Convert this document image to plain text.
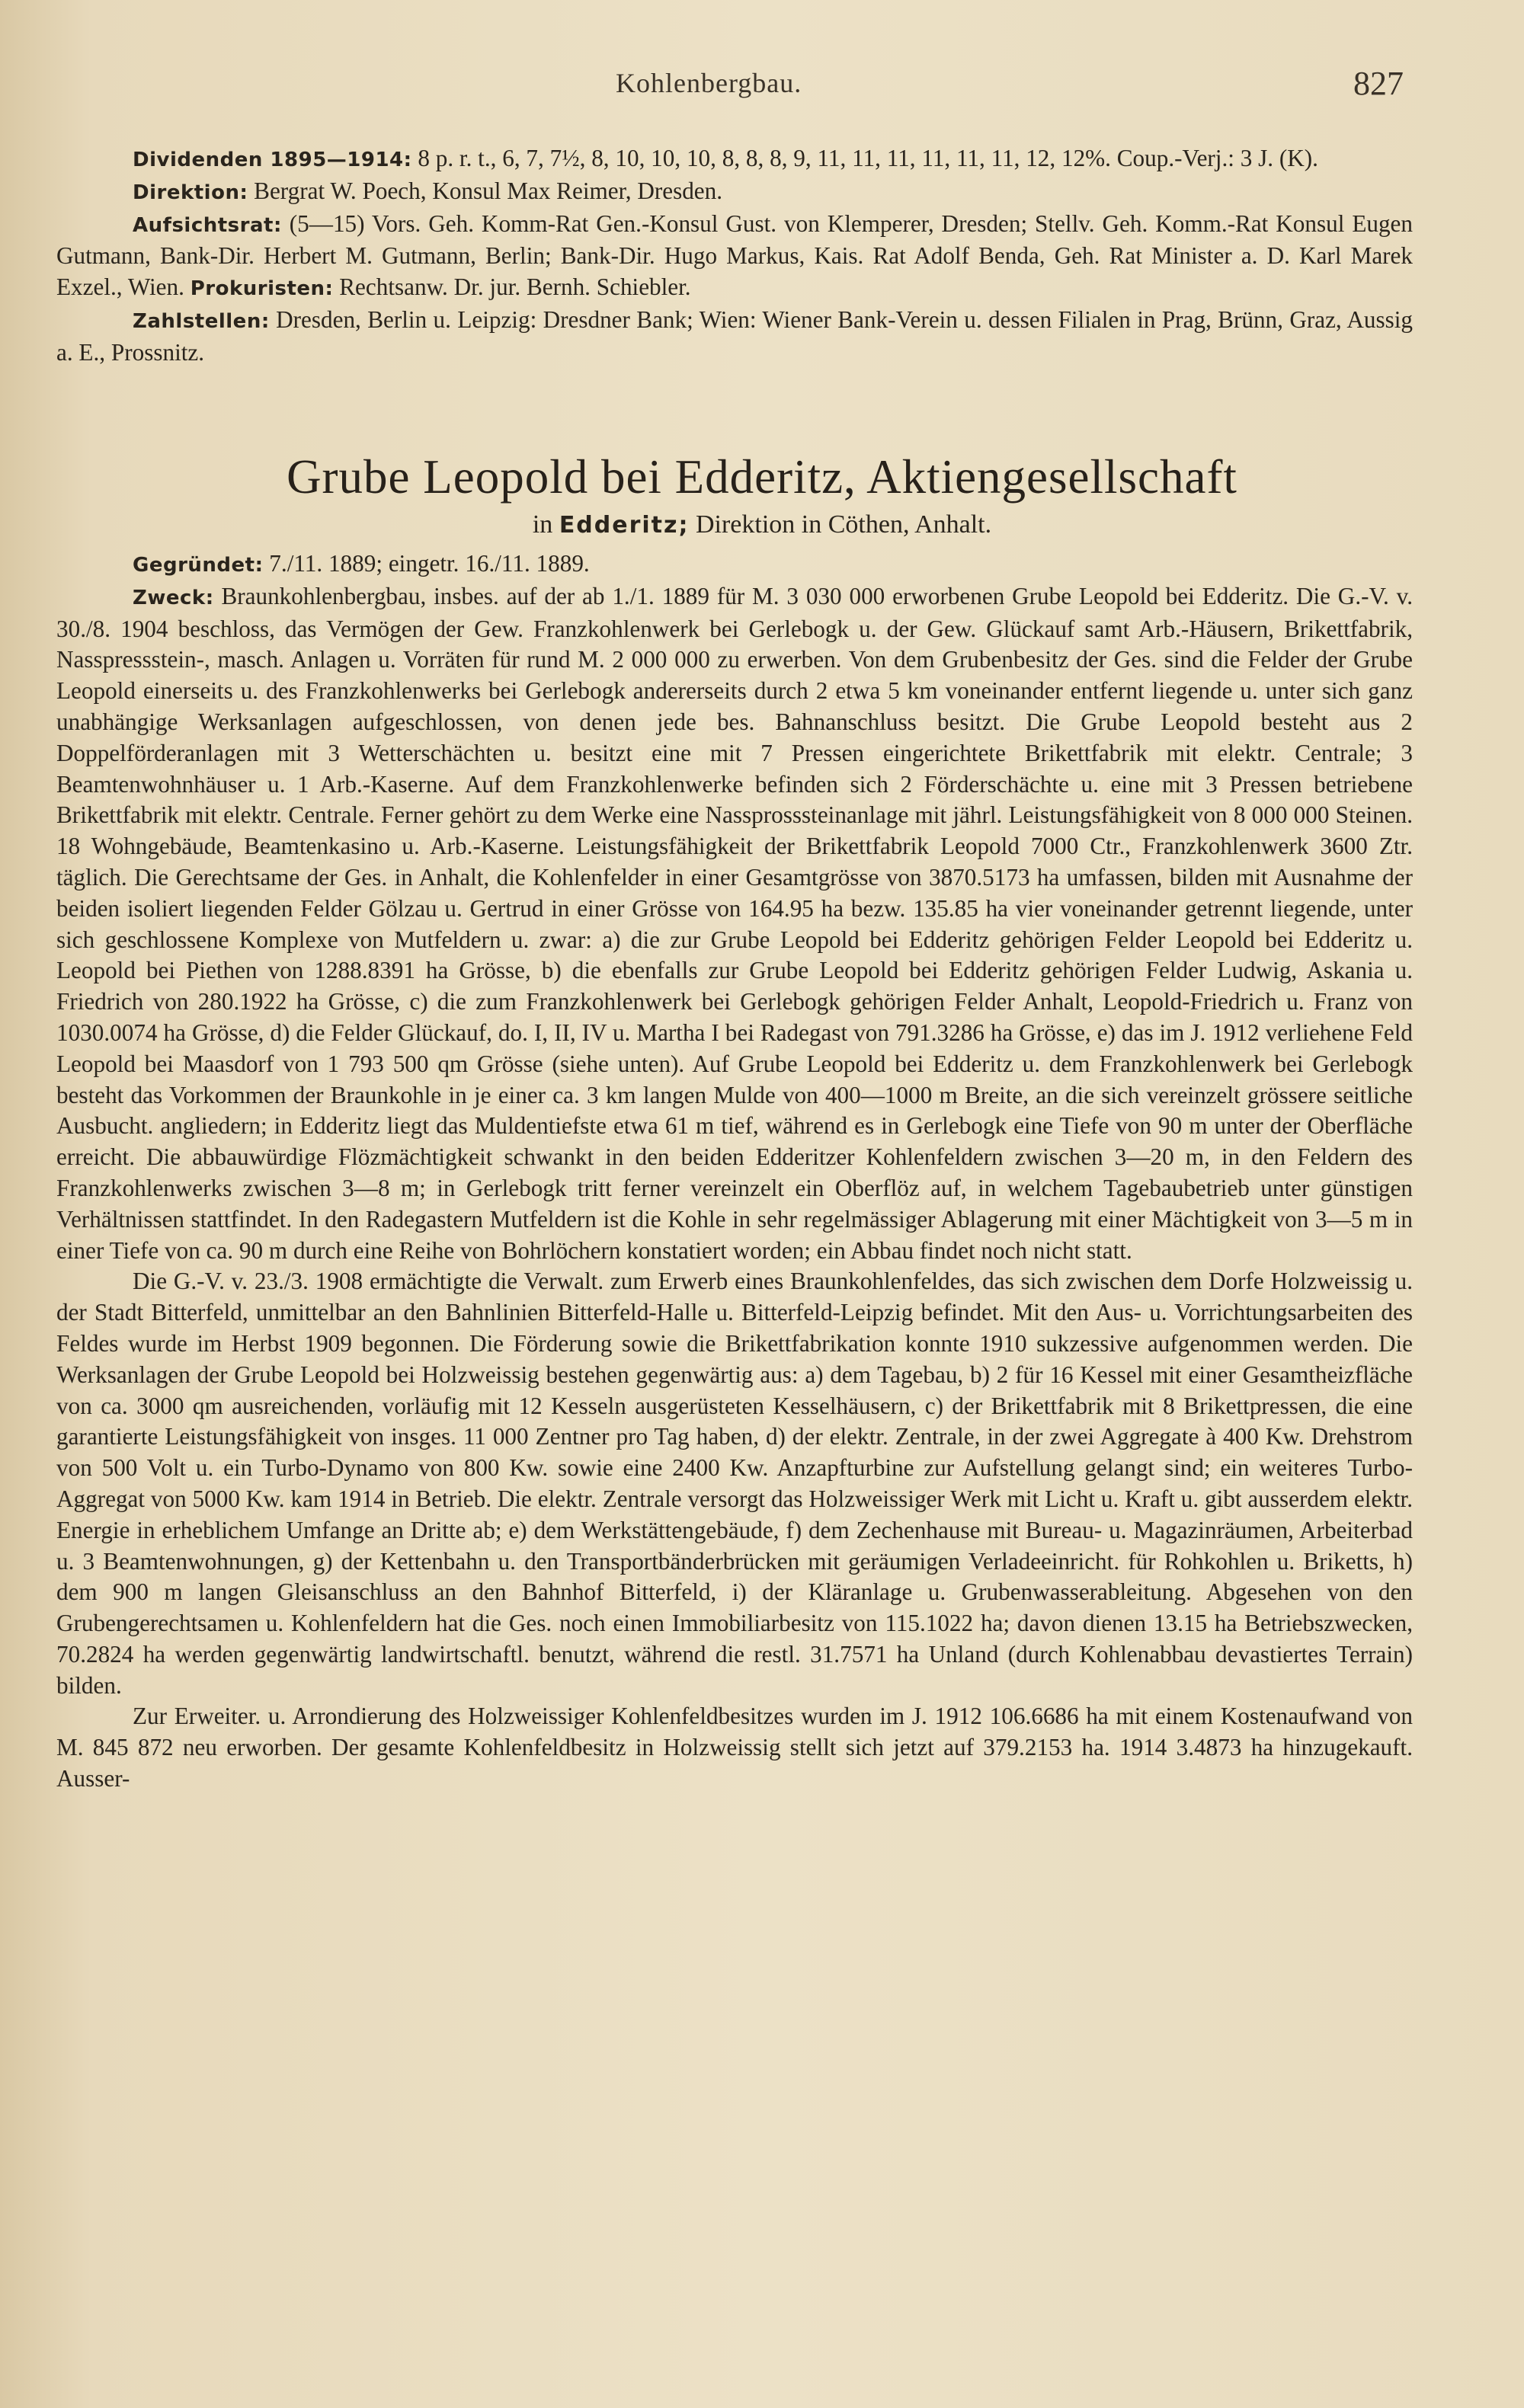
Kohlenbergbau.	827

Dividenden 1895—1914: 8 p. r. t., 6, 7, 7½, 8, 10, 10, 10, 8, 8, 8, 9, 11, 11, 11, 11, 11, 11, 12, 12%. Coup.-Verj.: 3 J. (K).

Direktion: Bergrat W. Poech, Konsul Max Reimer, Dresden.

Aufsichtsrat: (5—15) Vors. Geh. Komm-Rat Gen.-Konsul Gust. von Klemperer, Dresden; Stellv. Geh. Komm.-Rat Konsul Eugen Gutmann, Bank-Dir. Herbert M. Gutmann, Berlin; Bank-Dir. Hugo Markus, Kais. Rat Adolf Benda, Geh. Rat Minister a. D. Karl Marek Exzel., Wien. Prokuristen: Rechtsanw. Dr. jur. Bernh. Schiebler.

Zahlstellen: Dresden, Berlin u. Leipzig: Dresdner Bank; Wien: Wiener Bank-Verein u. dessen Filialen in Prag, Brünn, Graz, Aussig a. E., Prossnitz.

Grube Leopold bei Edderitz, Aktiengesellschaft
in Edderitz; Direktion in Cöthen, Anhalt.

Gegründet: 7./11. 1889; eingetr. 16./11. 1889.

Zweck: Braunkohlenbergbau, insbes. auf der ab 1./1. 1889 für M. 3 030 000 erworbenen Grube Leopold bei Edderitz. Die G.-V. v. 30./8. 1904 beschloss, das Vermögen der Gew. Franzkohlenwerk bei Gerlebogk u. der Gew. Glückauf samt Arb.-Häusern, Brikettfabrik, Nasspressstein-, masch. Anlagen u. Vorräten für rund M. 2 000 000 zu erwerben. Von dem Grubenbesitz der Ges. sind die Felder der Grube Leopold einerseits u. des Franzkohlenwerks bei Gerlebogk andererseits durch 2 etwa 5 km voneinander entfernt liegende u. unter sich ganz unabhängige Werksanlagen aufgeschlossen, von denen jede bes. Bahnanschluss besitzt. Die Grube Leopold besteht aus 2 Doppelförderanlagen mit 3 Wetterschächten u. besitzt eine mit 7 Pressen eingerichtete Brikettfabrik mit elektr. Centrale; 3 Beamtenwohnhäuser u. 1 Arb.-Kaserne. Auf dem Franzkohlenwerke befinden sich 2 Förderschächte u. eine mit 3 Pressen betriebene Brikettfabrik mit elektr. Centrale. Ferner gehört zu dem Werke eine Nassprosssteinanlage mit jährl. Leistungsfähigkeit von 8 000 000 Steinen. 18 Wohngebäude, Beamtenkasino u. Arb.-Kaserne. Leistungsfähigkeit der Brikettfabrik Leopold 7000 Ctr., Franzkohlenwerk 3600 Ztr. täglich. Die Gerechtsame der Ges. in Anhalt, die Kohlenfelder in einer Gesamtgrösse von 3870.5173 ha umfassen, bilden mit Ausnahme der beiden isoliert liegenden Felder Gölzau u. Gertrud in einer Grösse von 164.95 ha bezw. 135.85 ha vier voneinander getrennt liegende, unter sich geschlossene Komplexe von Mutfeldern u. zwar: a) die zur Grube Leopold bei Edderitz gehörigen Felder Leopold bei Edderitz u. Leopold bei Piethen von 1288.8391 ha Grösse, b) die ebenfalls zur Grube Leopold bei Edderitz gehörigen Felder Ludwig, Askania u. Friedrich von 280.1922 ha Grösse, c) die zum Franzkohlenwerk bei Gerlebogk gehörigen Felder Anhalt, Leopold-Friedrich u. Franz von 1030.0074 ha Grösse, d) die Felder Glückauf, do. I, II, IV u. Martha I bei Radegast von 791.3286 ha Grösse, e) das im J. 1912 verliehene Feld Leopold bei Maasdorf von 1 793 500 qm Grösse (siehe unten). Auf Grube Leopold bei Edderitz u. dem Franzkohlenwerk bei Gerlebogk besteht das Vorkommen der Braunkohle in je einer ca. 3 km langen Mulde von 400—1000 m Breite, an die sich vereinzelt grössere seitliche Ausbucht. angliedern; in Edderitz liegt das Muldentiefste etwa 61 m tief, während es in Gerlebogk eine Tiefe von 90 m unter der Oberfläche erreicht. Die abbauwürdige Flözmächtigkeit schwankt in den beiden Edderitzer Kohlenfeldern zwischen 3—20 m, in den Feldern des Franzkohlenwerks zwischen 3—8 m; in Gerlebogk tritt ferner vereinzelt ein Oberflöz auf, in welchem Tagebaubetrieb unter günstigen Verhältnissen stattfindet. In den Radegastern Mutfeldern ist die Kohle in sehr regelmässiger Ablagerung mit einer Mächtigkeit von 3—5 m in einer Tiefe von ca. 90 m durch eine Reihe von Bohrlöchern konstatiert worden; ein Abbau findet noch nicht statt.

Die G.-V. v. 23./3. 1908 ermächtigte die Verwalt. zum Erwerb eines Braunkohlenfeldes, das sich zwischen dem Dorfe Holzweissig u. der Stadt Bitterfeld, unmittelbar an den Bahnlinien Bitterfeld-Halle u. Bitterfeld-Leipzig befindet. Mit den Aus- u. Vorrichtungsarbeiten des Feldes wurde im Herbst 1909 begonnen. Die Förderung sowie die Brikettfabrikation konnte 1910 sukzessive aufgenommen werden. Die Werksanlagen der Grube Leopold bei Holzweissig bestehen gegenwärtig aus: a) dem Tagebau, b) 2 für 16 Kessel mit einer Gesamtheizfläche von ca. 3000 qm ausreichenden, vorläufig mit 12 Kesseln ausgerüsteten Kesselhäusern, c) der Brikettfabrik mit 8 Brikettpressen, die eine garantierte Leistungsfähigkeit von insges. 11 000 Zentner pro Tag haben, d) der elektr. Zentrale, in der zwei Aggregate à 400 Kw. Drehstrom von 500 Volt u. ein Turbo-Dynamo von 800 Kw. sowie eine 2400 Kw. Anzapfturbine zur Aufstellung gelangt sind; ein weiteres Turbo-Aggregat von 5000 Kw. kam 1914 in Betrieb. Die elektr. Zentrale versorgt das Holzweissiger Werk mit Licht u. Kraft u. gibt ausserdem elektr. Energie in erheblichem Umfange an Dritte ab; e) dem Werkstättengebäude, f) dem Zechenhause mit Bureau- u. Magazinräumen, Arbeiterbad u. 3 Beamtenwohnungen, g) der Kettenbahn u. den Transportbänderbrücken mit geräumigen Verladeeinricht. für Rohkohlen u. Briketts, h) dem 900 m langen Gleisanschluss an den Bahnhof Bitterfeld, i) der Kläranlage u. Grubenwasserableitung. Abgesehen von den Grubengerechtsamen u. Kohlenfeldern hat die Ges. noch einen Immobiliarbesitz von 115.1022 ha; davon dienen 13.15 ha Betriebszwecken, 70.2824 ha werden gegenwärtig landwirtschaftl. benutzt, während die restl. 31.7571 ha Unland (durch Kohlenabbau devastiertes Terrain) bilden.

Zur Erweiter. u. Arrondierung des Holzweissiger Kohlenfeldbesitzes wurden im J. 1912 106.6686 ha mit einem Kostenaufwand von M. 845 872 neu erworben. Der gesamte Kohlenfeldbesitz in Holzweissig stellt sich jetzt auf 379.2153 ha. 1914 3.4873 ha hinzugekauft. Ausser-
